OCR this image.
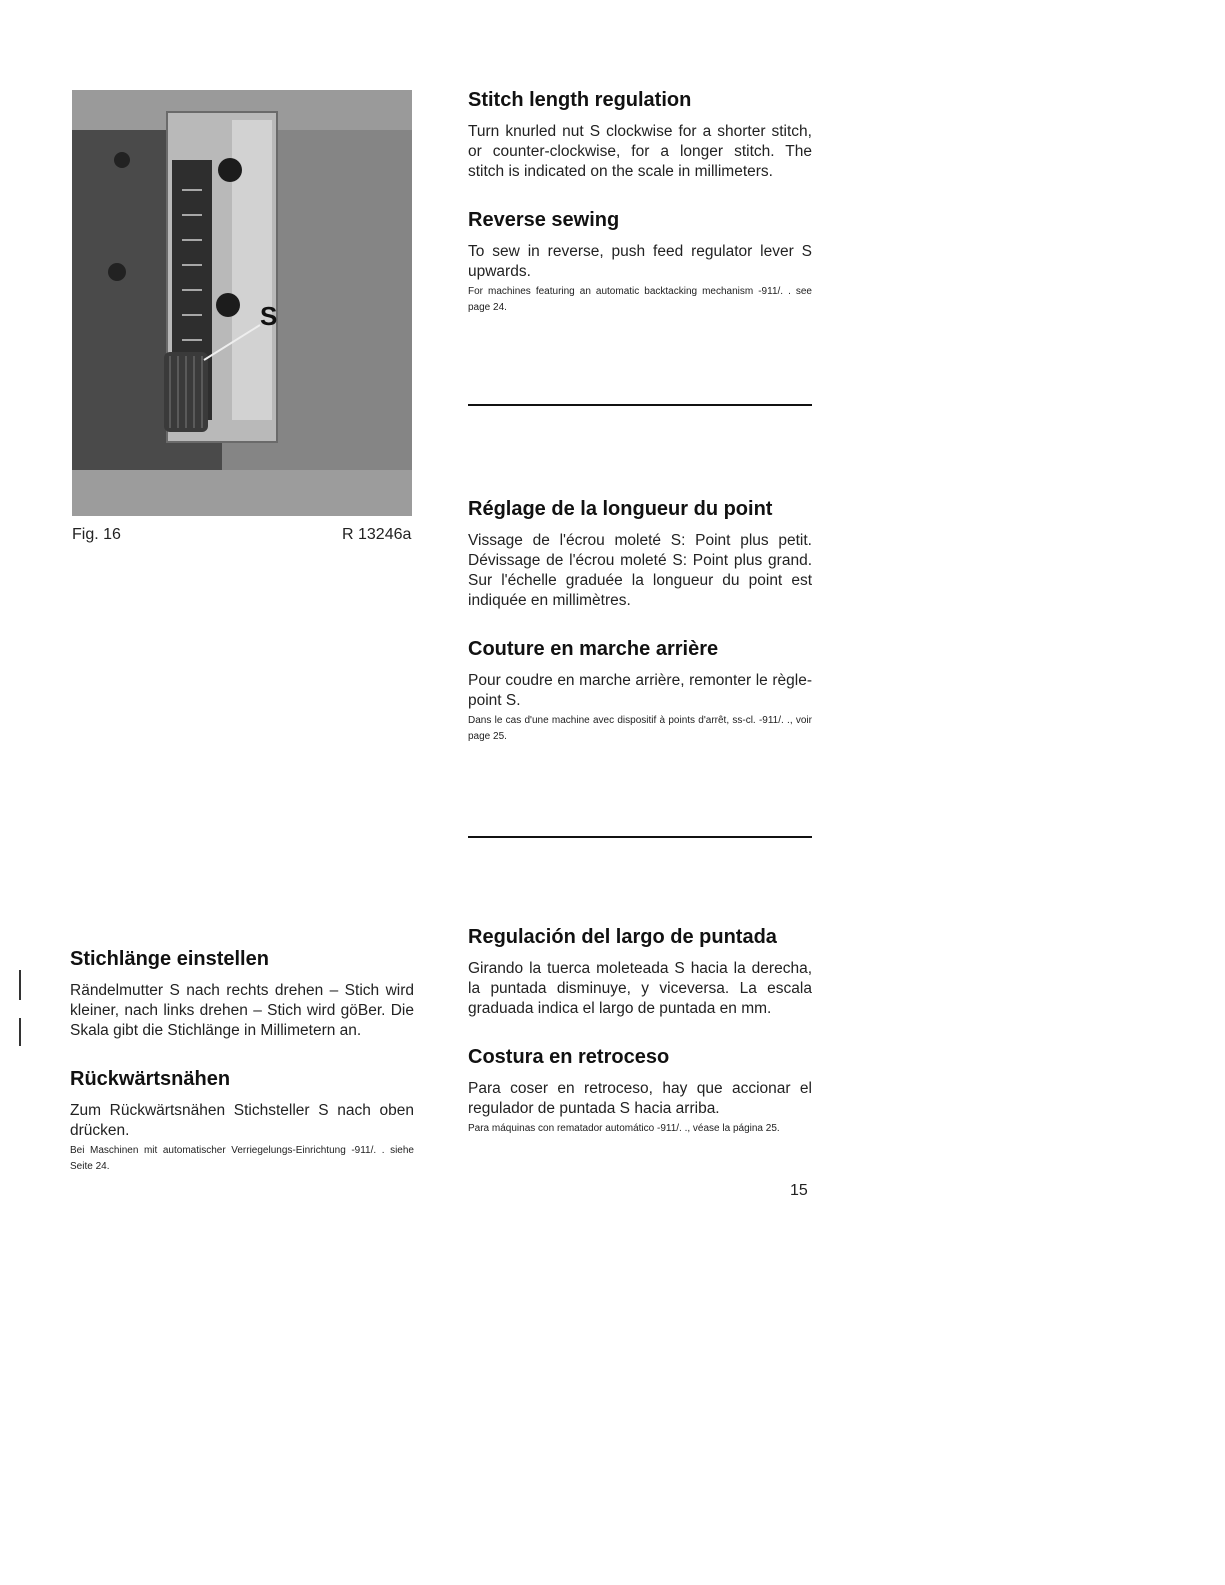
S
Fig. 16	R 13246a
Stitch length regulation

Turn knurled nut S clockwise for a shorter stitch, or counter-clockwise, for a longer stitch. The stitch is indicated on the scale in millimeters.

Reverse sewing

To sew in reverse, push feed regulator lever S upwards.

For machines featuring an automatic backtacking mechanism -911/. . see page 24.

Réglage de la longueur du point

Vissage de l'écrou moleté S: Point plus petit. Dévissage de l'écrou moleté S: Point plus grand. Sur l'échelle graduée la longueur du point est indiquée en millimètres.

Couture en marche arrière

Pour coudre en marche arrière, remonter le règle-point S.

Dans le cas d'une machine avec dispositif à points d'arrêt, ss-cl. -911/. ., voir page 25.

Stichlänge einstellen

Rändelmutter S nach rechts drehen – Stich wird kleiner, nach links drehen – Stich wird göBer. Die Skala gibt die Stichlänge in Millimetern an.

Rückwärtsnähen

Zum Rückwärtsnähen Stichsteller S nach oben drücken.

Bei Maschinen mit automatischer Verriegelungs-Einrichtung -911/. . siehe Seite 24.

Regulación del largo de puntada

Girando la tuerca moleteada S hacia la derecha, la puntada disminuye, y viceversa. La escala graduada indica el largo de puntada en mm.

Costura en retroceso

Para coser en retroceso, hay que accionar el regulador de puntada S hacia arriba.

Para máquinas con rematador automático -911/. ., véase la página 25.

15
